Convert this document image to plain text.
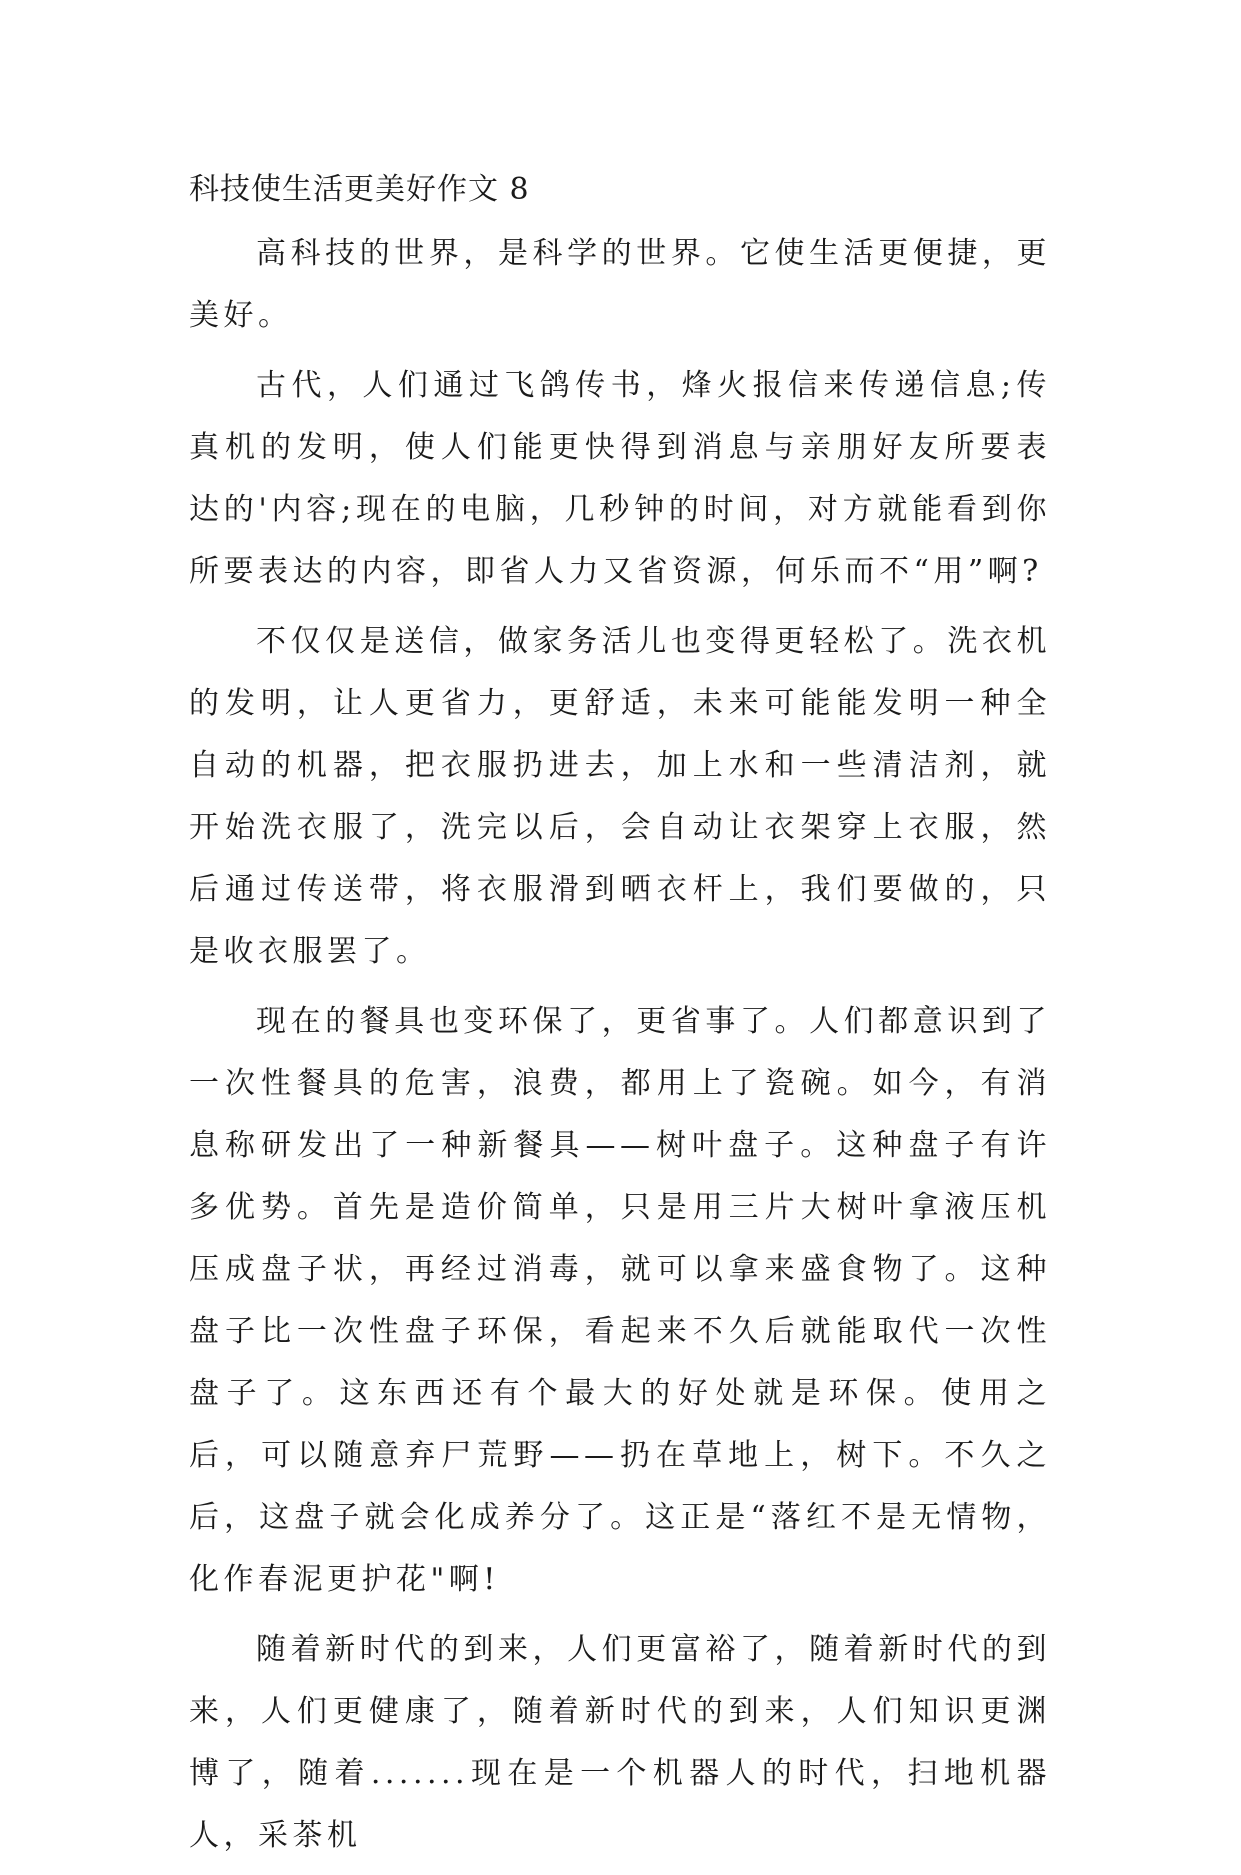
科技使生活更美好作文 8

高科技的世界，是科学的世界。它使生活更便捷，更美好。

古代，人们通过飞鸽传书，烽火报信来传递信息;传真机的发明，使人们能更快得到消息与亲朋好友所要表达的'内容;现在的电脑，几秒钟的时间，对方就能看到你所要表达的内容，即省人力又省资源，何乐而不“用”啊?

不仅仅是送信，做家务活儿也变得更轻松了。洗衣机的发明，让人更省力，更舒适，未来可能能发明一种全自动的机器，把衣服扔进去，加上水和一些清洁剂，就开始洗衣服了，洗完以后，会自动让衣架穿上衣服，然后通过传送带，将衣服滑到晒衣杆上，我们要做的，只是收衣服罢了。

现在的餐具也变环保了，更省事了。人们都意识到了一次性餐具的危害，浪费，都用上了瓷碗。如今，有消息称研发出了一种新餐具——树叶盘子。这种盘子有许多优势。首先是造价简单，只是用三片大树叶拿液压机压成盘子状，再经过消毒，就可以拿来盛食物了。这种盘子比一次性盘子环保，看起来不久后就能取代一次性盘子了。这东西还有个最大的好处就是环保。使用之后，可以随意弃尸荒野——扔在草地上，树下。不久之后，这盘子就会化成养分了。这正是“落红不是无情物，化作春泥更护花"啊!

随着新时代的到来，人们更富裕了，随着新时代的到来，人们更健康了，随着新时代的到来，人们知识更渊博了，随着.......现在是一个机器人的时代，扫地机器人，采茶机
